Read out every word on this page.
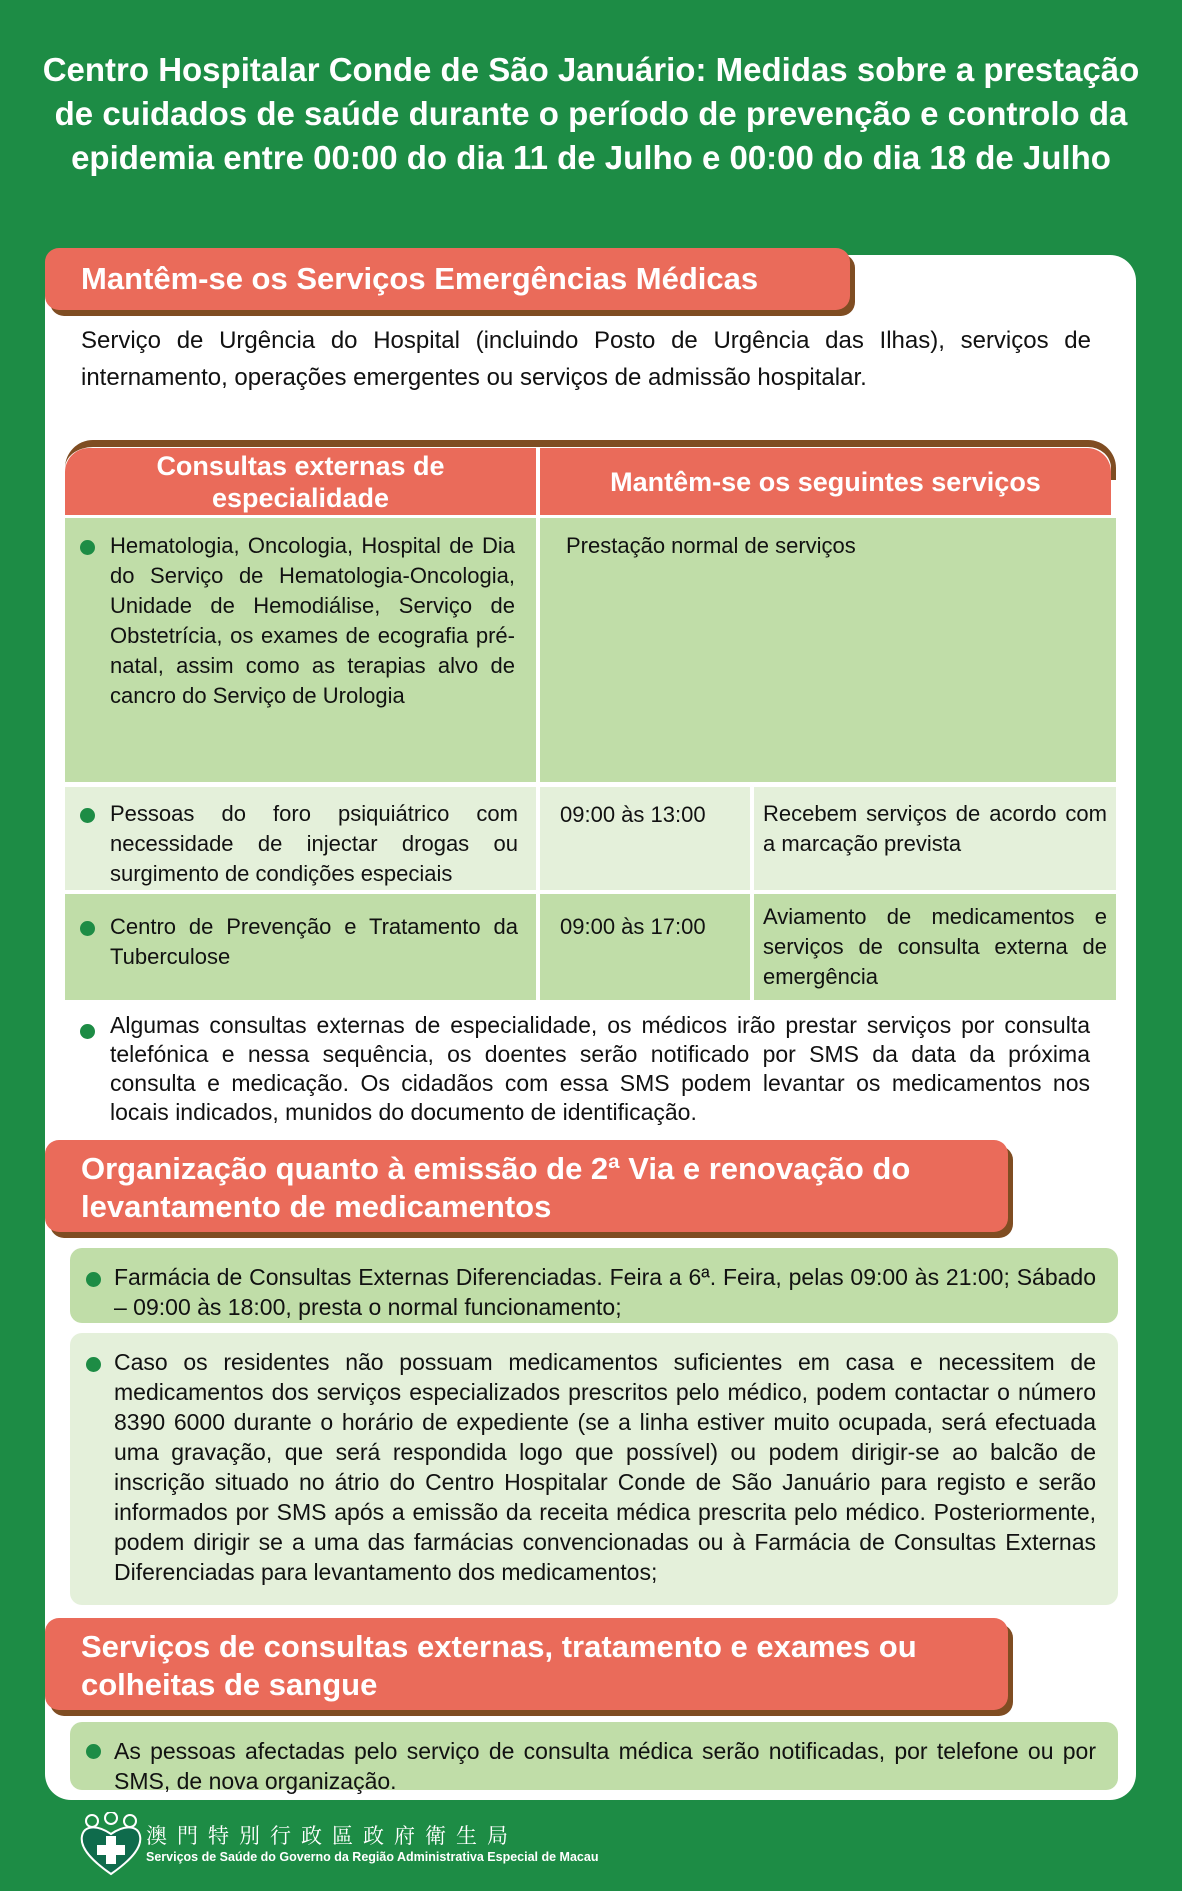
Centro Hospitalar Conde de São Januário: Medidas sobre a prestação de cuidados de saúde durante o período de prevenção e controlo da epidemia entre 00:00 do dia 11 de Julho e 00:00 do dia 18 de Julho
Mantêm-se os Serviços Emergências Médicas
Serviço de Urgência do Hospital (incluindo Posto de Urgência das Ilhas), serviços de internamento, operações emergentes ou serviços de admissão hospitalar.
Consultas externas de especialidade
Mantêm-se os seguintes serviços
Hematologia, Oncologia, Hospital de Dia do Serviço de Hematologia-Oncologia, Unidade de Hemodiálise, Serviço de Obstetrícia, os exames de ecografia pré-natal, assim como as terapias alvo de cancro do Serviço de Urologia
Prestação normal de serviços
Pessoas do foro psiquiátrico com necessidade de injectar drogas ou surgimento de condições especiais
09:00 às 13:00	Recebem serviços de acordo com a marcação prevista
Centro de Prevenção e Tratamento da Tuberculose
09:00 às 17:00	Aviamento de medicamentos e serviços de consulta externa de emergência
Algumas consultas externas de especialidade, os médicos irão prestar serviços por consulta telefónica e nessa sequência, os doentes serão notificado por SMS da data da próxima consulta e medicação. Os cidadãos com essa SMS podem levantar os medicamentos nos locais indicados, munidos do documento de identificação.
Organização quanto à emissão de 2ª Via e renovação do levantamento de medicamentos
Farmácia de Consultas Externas Diferenciadas. Feira a 6ª. Feira, pelas 09:00 às 21:00; Sábado – 09:00 às 18:00, presta o normal funcionamento;
Caso os residentes não possuam medicamentos suficientes em casa e necessitem de medicamentos dos serviços especializados prescritos pelo médico, podem contactar o número 8390 6000 durante o horário de expediente (se a linha estiver muito ocupada, será efectuada uma gravação, que será respondida logo que possível) ou podem dirigir-se ao balcão de inscrição situado no átrio do Centro Hospitalar Conde de São Januário para registo e serão informados por SMS após a emissão da receita médica prescrita pelo médico. Posteriormente, podem dirigir se a uma das farmácias convencionadas ou à Farmácia de Consultas Externas Diferenciadas para levantamento dos medicamentos;
Serviços de consultas externas, tratamento e exames ou colheitas de sangue
As pessoas afectadas pelo serviço de consulta médica serão notificadas, por telefone ou por SMS, de nova organização.
澳門特別行政區政府衛生局
Serviços de Saúde do Governo da Região Administrativa Especial de Macau
